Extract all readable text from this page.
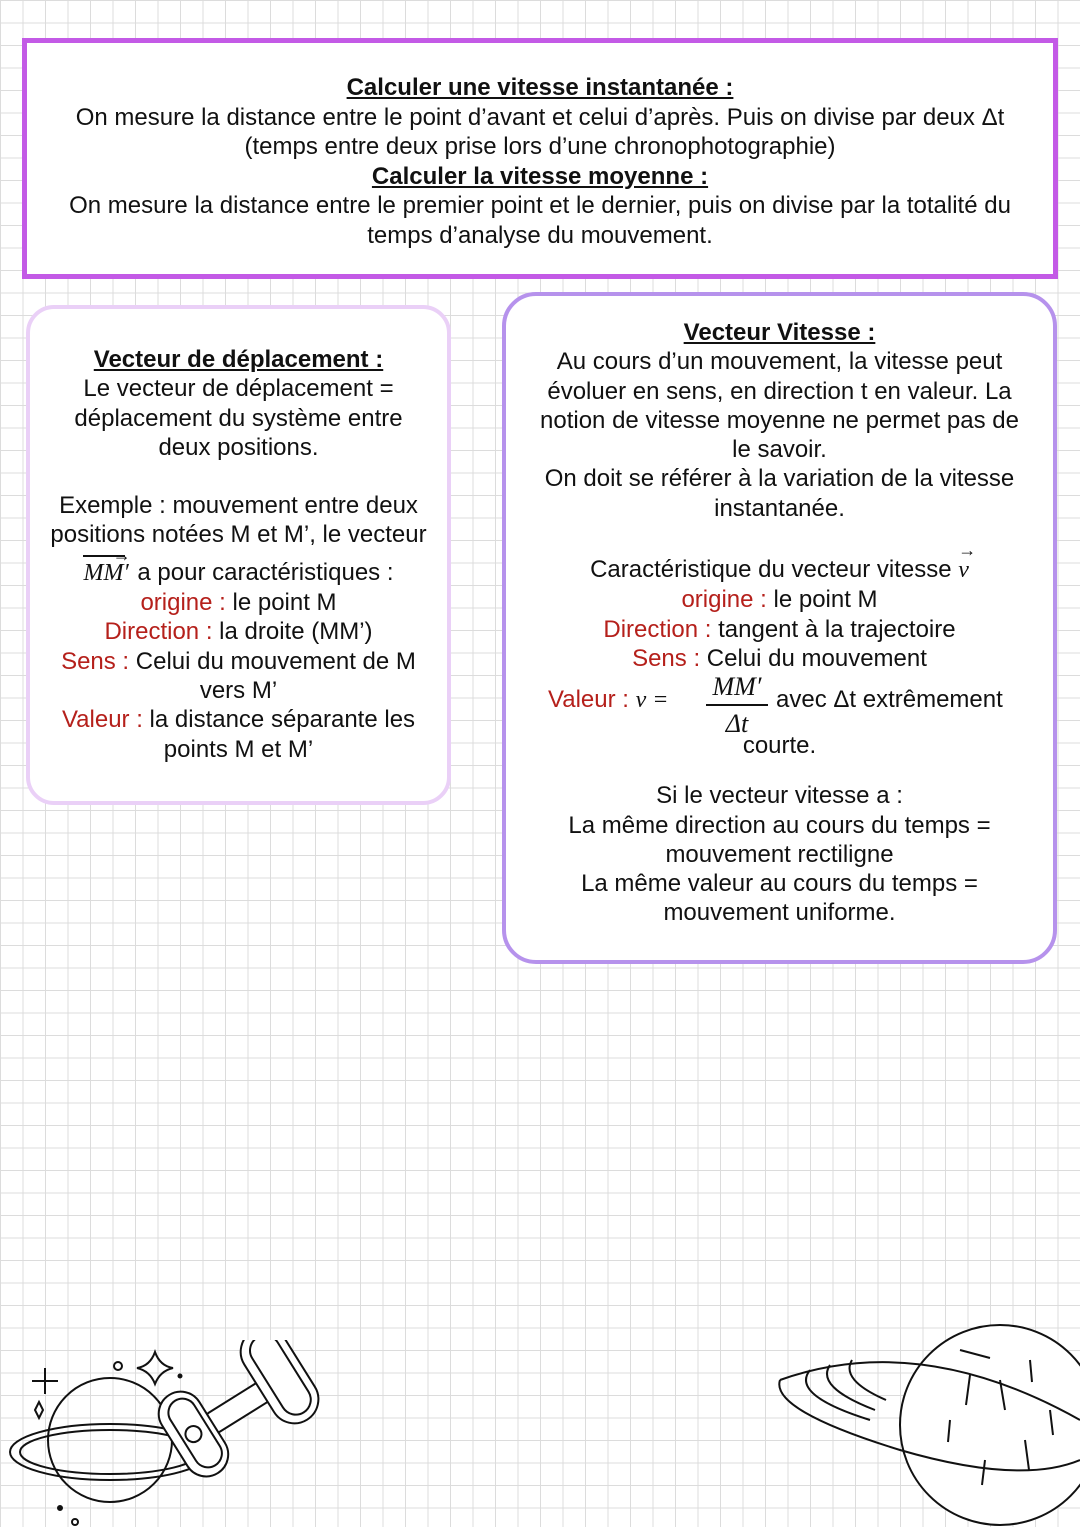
Calculer une vitesse instantanée :
On mesure la distance entre le point d’avant et celui d’après. Puis on divise par deux Δt
(temps entre deux prise lors d’une chronophotographie)
Calculer la vitesse moyenne :
On mesure la distance entre le premier point et le dernier, puis on divise par la totalité du
temps d’analyse du mouvement.
Vecteur de déplacement :
Le vecteur de déplacement =
déplacement du système entre
deux positions.
Exemple : mouvement entre deux
positions notées M et M’, le vecteur
→
MM′ a pour caractéristiques :
origine : le point M
Direction : la droite (MM’)
Sens : Celui du mouvement de M
vers M’
Valeur : la distance séparante les
points M et M’
Vecteur Vitesse :
Au cours d’un mouvement, la vitesse peut
évoluer en sens, en direction t en valeur. La
notion de vitesse moyenne ne permet pas de
le savoir.
On doit se référer à la variation de la vitesse
instantanée.
Caractéristique du vecteur vitesse
→
v
origine : le point M
Direction : tangent à la trajectoire
Sens : Celui du mouvement
Valeur : v = MM′
Δt
avec Δt extrêmement
courte.
Si le vecteur vitesse a :
La même direction au cours du temps =
mouvement rectiligne
La même valeur au cours du temps =
mouvement uniforme.
